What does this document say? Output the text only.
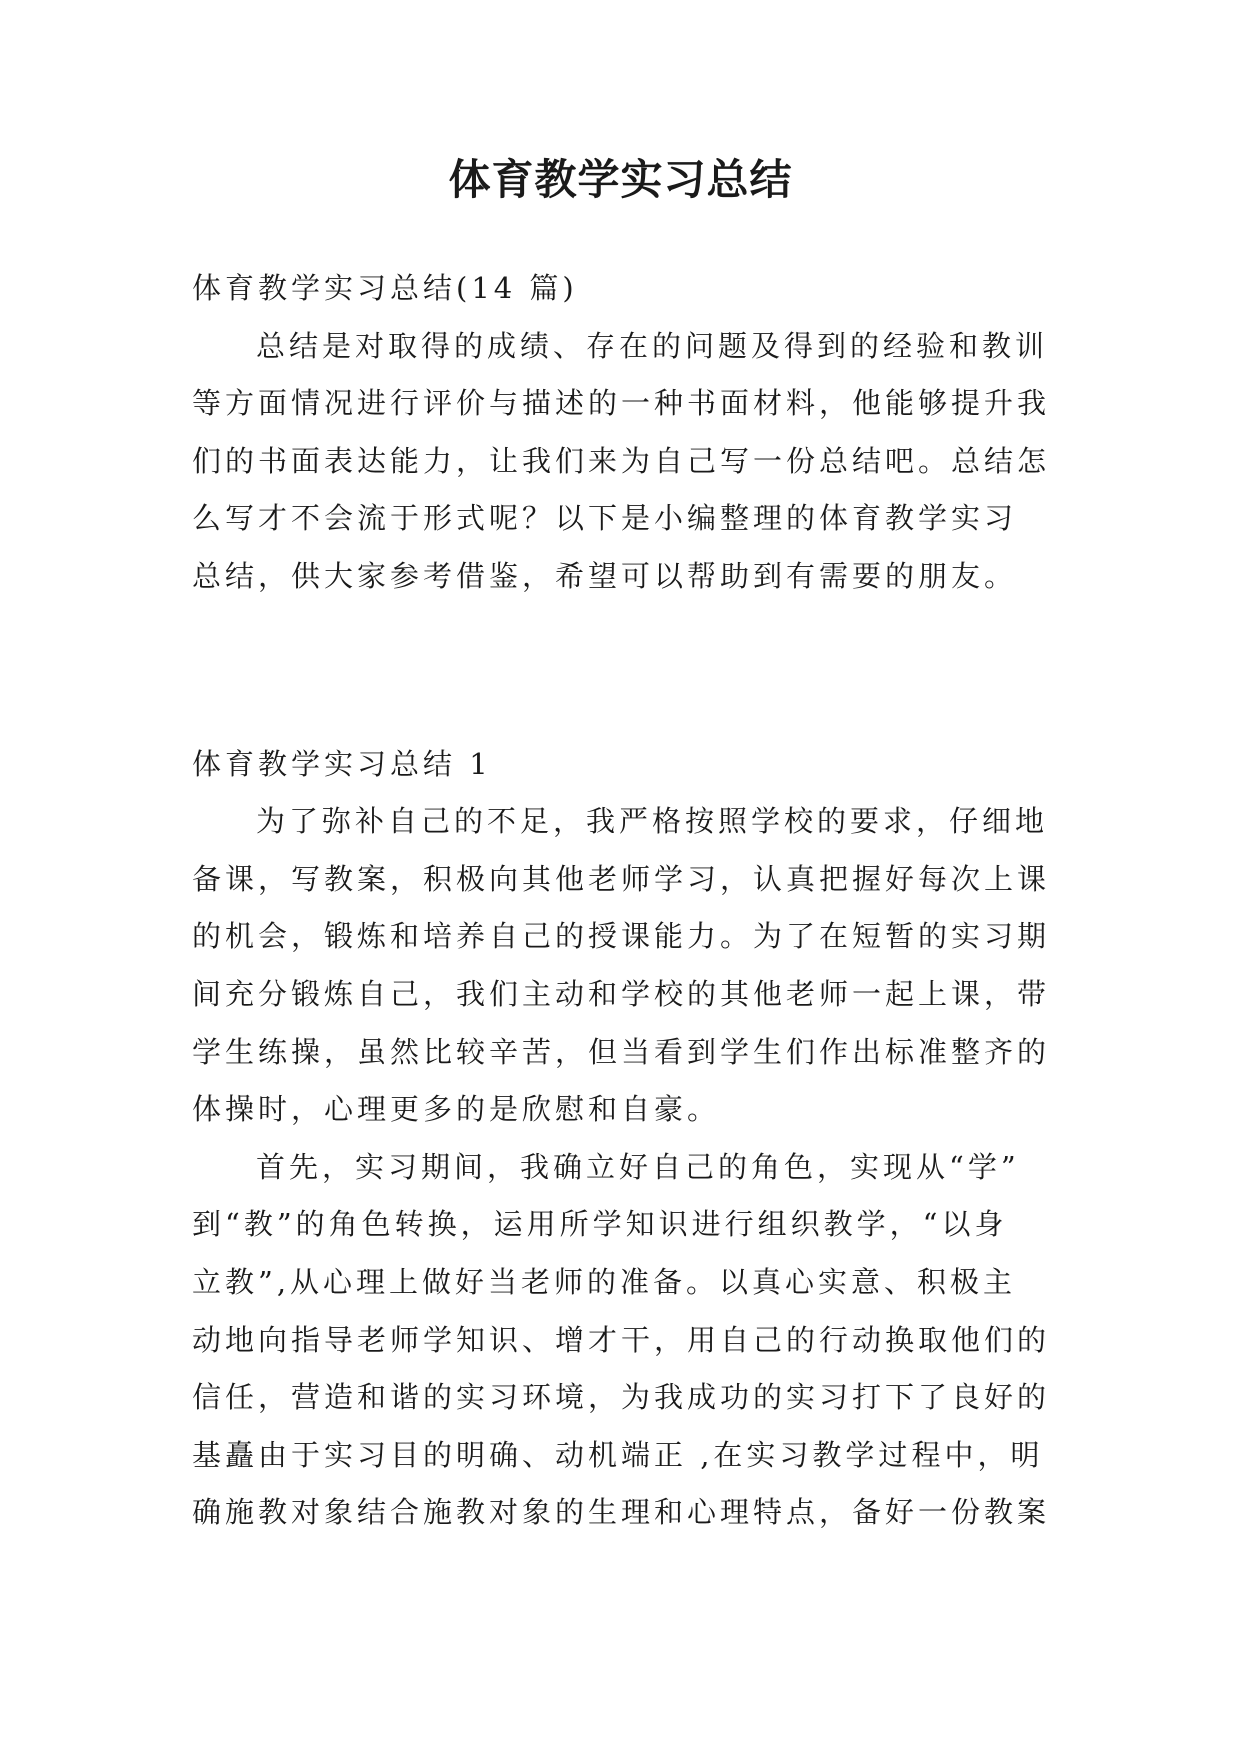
体育教学实习总结

体育教学实习总结(14 篇)

总结是对取得的成绩、存在的问题及得到的经验和教训

等方面情况进行评价与描述的一种书面材料，他能够提升我

们的书面表达能力，让我们来为自己写一份总结吧。总结怎

么写才不会流于形式呢？以下是小编整理的体育教学实习

总结，供大家参考借鉴，希望可以帮助到有需要的朋友。

体育教学实习总结 1

为了弥补自己的不足，我严格按照学校的要求，仔细地

备课，写教案，积极向其他老师学习，认真把握好每次上课

的机会，锻炼和培养自己的授课能力。为了在短暂的实习期

间充分锻炼自己，我们主动和学校的其他老师一起上课，带

学生练操，虽然比较辛苦，但当看到学生们作出标准整齐的

体操时，心理更多的是欣慰和自豪。

首先，实习期间，我确立好自己的角色，实现从“学”

到“教”的角色转换，运用所学知识进行组织教学，“以身

立教”,从心理上做好当老师的准备。以真心实意、积极主

动地向指导老师学知识、增才干，用自己的行动换取他们的

信任，营造和谐的实习环境，为我成功的实习打下了良好的

基矗由于实习目的明确、动机端正 ,在实习教学过程中，明

确施教对象结合施教对象的生理和心理特点，备好一份教案
